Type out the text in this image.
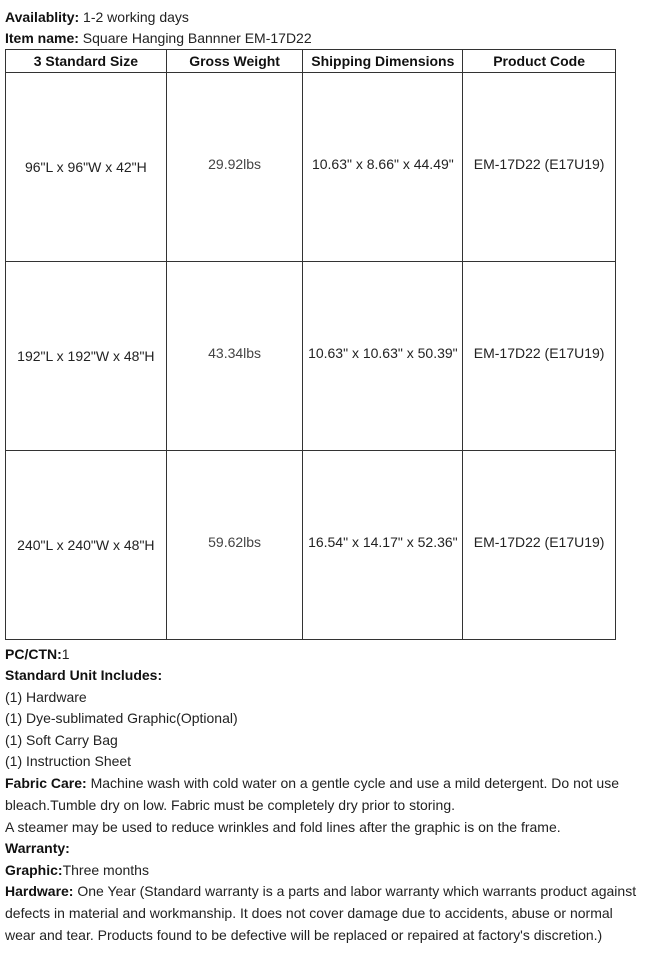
Availablity: 1-2 working days
Item name: Square Hanging Bannner EM-17D22
3 Standard Size	Gross Weight	Shipping Dimensions	Product Code
96"L x 96"W x 42"H	29.92lbs	10.63" x 8.66" x 44.49"	EM-17D22 (E17U19)
192"L x 192"W x 48"H	43.34lbs	10.63" x 10.63" x 50.39"	EM-17D22 (E17U19)
240"L x 240"W x 48"H	59.62lbs	16.54" x 14.17" x 52.36"	EM-17D22 (E17U19)
PC/CTN:1
Standard Unit Includes:
(1) Hardware
(1) Dye-sublimated Graphic(Optional)
(1) Soft Carry Bag
(1) Instruction Sheet
Fabric Care: Machine wash with cold water on a gentle cycle and use a mild detergent. Do not use bleach.Tumble dry on low. Fabric must be completely dry prior to storing.
A steamer may be used to reduce wrinkles and fold lines after the graphic is on the frame.
Warranty:
Graphic:Three months
Hardware: One Year (Standard warranty is a parts and labor warranty which warrants product against defects in material and workmanship. It does not cover damage due to accidents, abuse or normal wear and tear. Products found to be defective will be replaced or repaired at factory's discretion.)
